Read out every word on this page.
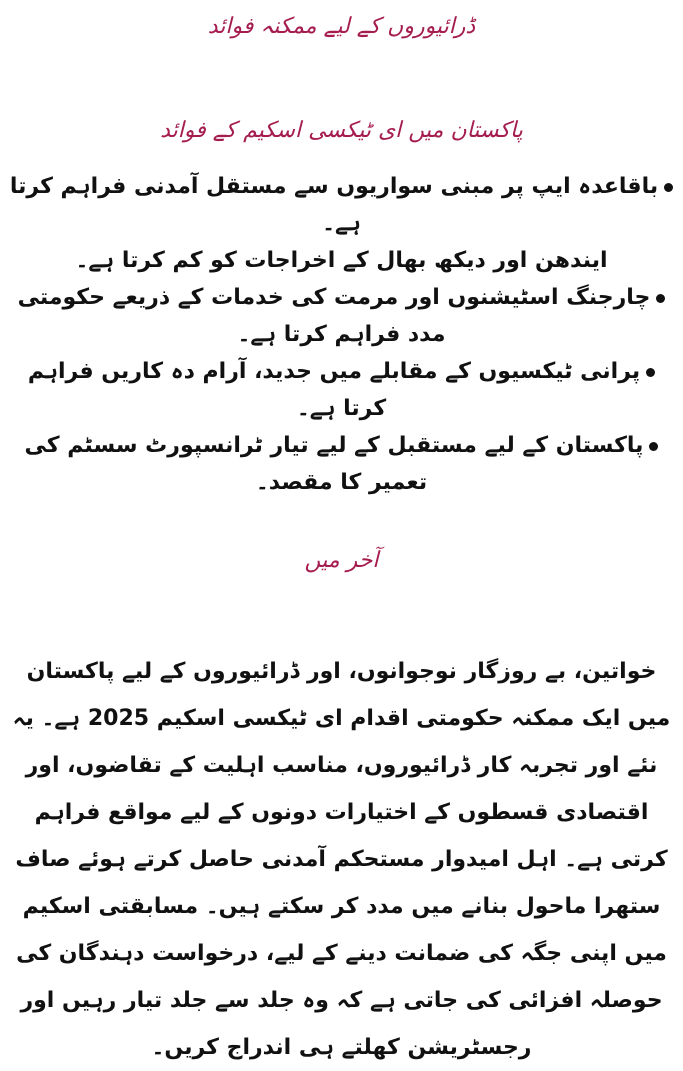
ڈرائیوروں کے لیے ممکنہ فوائد
پاکستان میں ای ٹیکسی اسکیم کے فوائد
باقاعدہ ایپ پر مبنی سواریوں سے مستقل آمدنی فراہم کرتا ہے۔
ایندھن اور دیکھ بھال کے اخراجات کو کم کرتا ہے۔
چارجنگ اسٹیشنوں اور مرمت کی خدمات کے ذریعے حکومتی مدد فراہم کرتا ہے۔
پرانی ٹیکسیوں کے مقابلے میں جدید، آرام دہ کاریں فراہم کرتا ہے۔
پاکستان کے لیے مستقبل کے لیے تیار ٹرانسپورٹ سسٹم کی تعمیر کا مقصد۔
آخر میں

خواتین، بے روزگار نوجوانوں، اور ڈرائیوروں کے لیے پاکستان میں ایک ممکنہ حکومتی اقدام ای ٹیکسی اسکیم 2025 ہے۔ یہ نئے اور تجربہ کار ڈرائیوروں، مناسب اہلیت کے تقاضوں، اور اقتصادی قسطوں کے اختیارات دونوں کے لیے مواقع فراہم کرتی ہے۔ اہل امیدوار مستحکم آمدنی حاصل کرتے ہوئے صاف ستھرا ماحول بنانے میں مدد کر سکتے ہیں۔ مسابقتی اسکیم میں اپنی جگہ کی ضمانت دینے کے لیے، درخواست دہندگان کی حوصلہ افزائی کی جاتی ہے کہ وہ جلد سے جلد تیار رہیں اور رجسٹریشن کھلتے ہی اندراج کریں۔
